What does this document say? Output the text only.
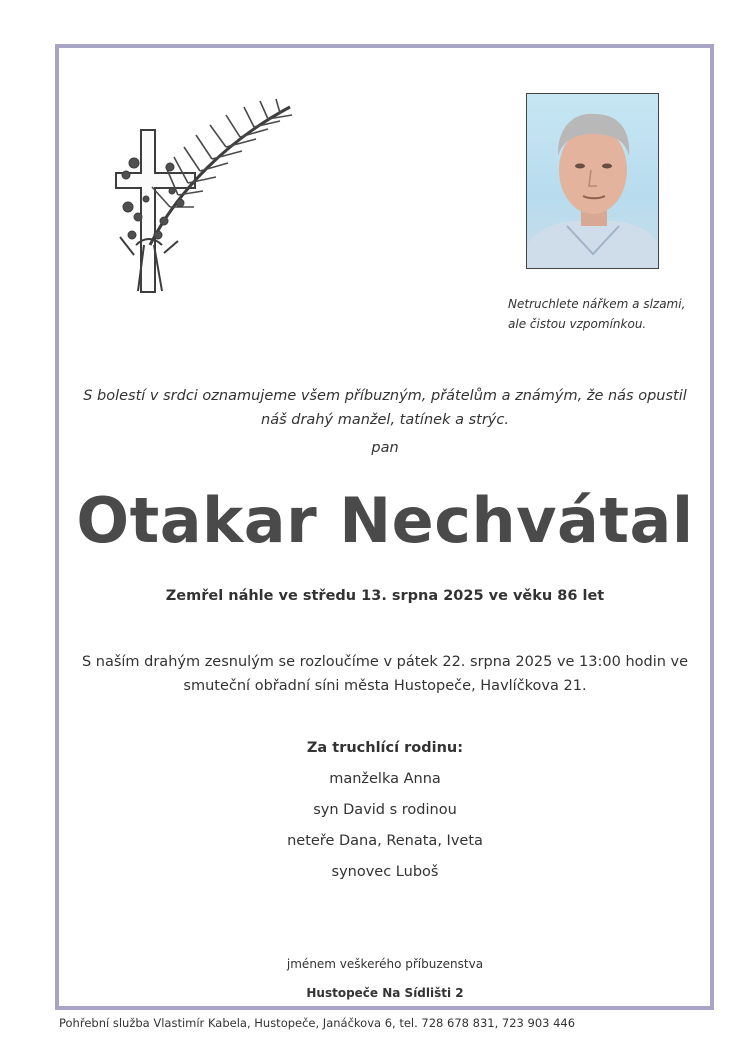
Netruchlete nářkem a slzami,
ale čistou vzpomínkou.
S bolestí v srdci oznamujeme všem příbuzným, přátelům a známým, že nás opustil
náš drahý manžel, tatínek a strýc.
pan
Otakar Nechvátal
Zemřel náhle ve středu 13. srpna 2025 ve věku 86 let
S naším drahým zesnulým se rozloučíme v pátek 22. srpna 2025 ve 13:00 hodin ve
smuteční obřadní síni města Hustopeče, Havlíčkova 21.
Za truchlící rodinu:
manželka Anna
syn David s rodinou
neteře Dana, Renata, Iveta
synovec Luboš
jménem veškerého příbuzenstva
Hustopeče Na Sídlišti 2
Pohřební služba Vlastimír Kabela, Hustopeče, Janáčkova 6, tel. 728 678 831, 723 903 446
